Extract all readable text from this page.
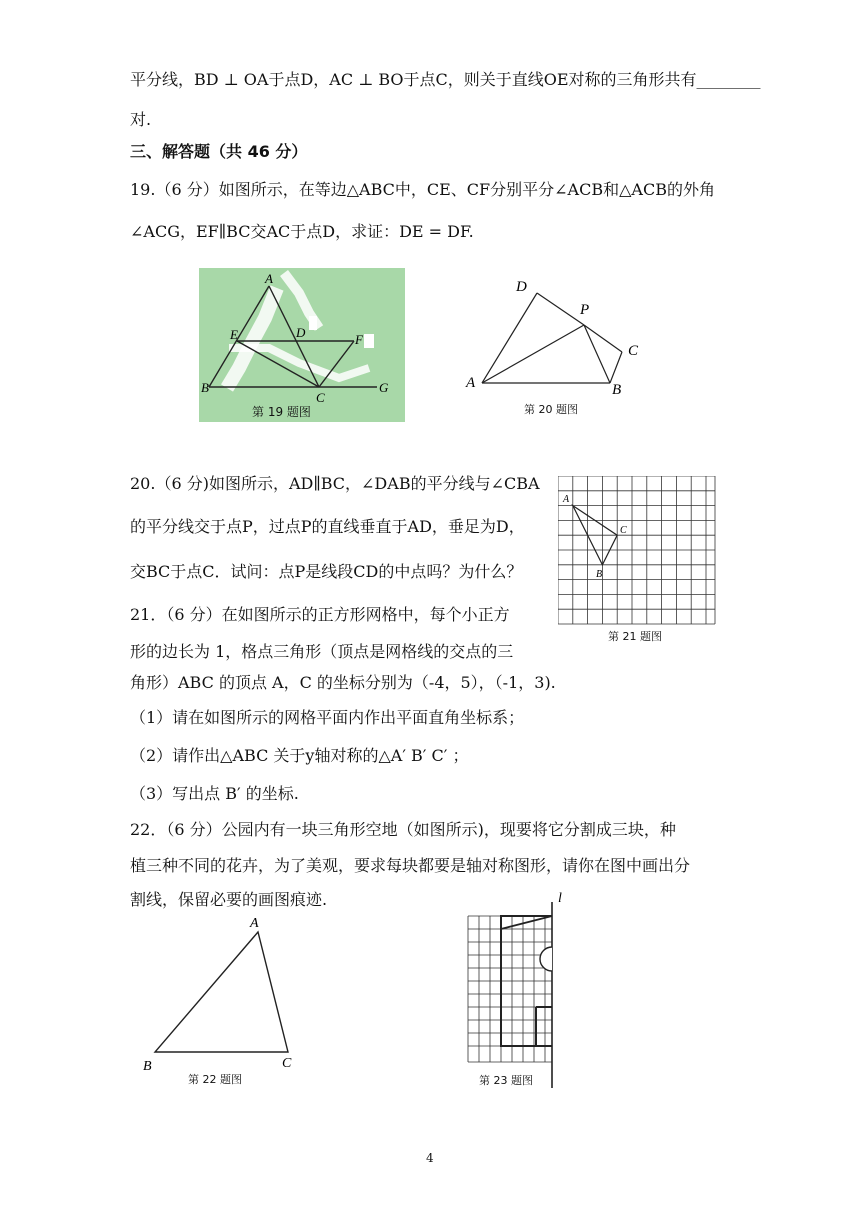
平分线，BD ⊥ OA于点D，AC ⊥ BO于点C，则关于直线OE对称的三角形共有________
对.
三、解答题（共 46 分）
19.（6 分）如图所示，在等边△ABC中，CE、CF分别平分∠ACB和△ACB的外角
∠ACG，EF∥BC交AC于点D，求证：DE = DF.
A
E	D	F
B
C
G
第 19 题图
D
P
C
A	B
第 20 题图
20.（6 分)如图所示，AD∥BC，∠DAB的平分线与∠CBA
的平分线交于点P，过点P的直线垂直于AD，垂足为D，
交BC于点C．试问：点P是线段CD的中点吗？为什么？
A
C
B
第 21 题图
21．（6 分）在如图所示的正方形网格中，每个小正方
形的边长为 1，格点三角形（顶点是网格线的交点的三
角形）ABC 的顶点 A，C 的坐标分别为（-4，5），（-1，3).
（1）请在如图所示的网格平面内作出平面直角坐标系；
（2）请作出△ABC 关于y轴对称的△A′ B′ C′ ；
（3）写出点 B′ 的坐标.
22．（6 分）公园内有一块三角形空地（如图所示)，现要将它分割成三块，种
植三种不同的花卉，为了美观，要求每块都要是轴对称图形，请你在图中画出分
割线，保留必要的画图痕迹.
A
B	C
第 22 题图
l
第 23 题图
4
